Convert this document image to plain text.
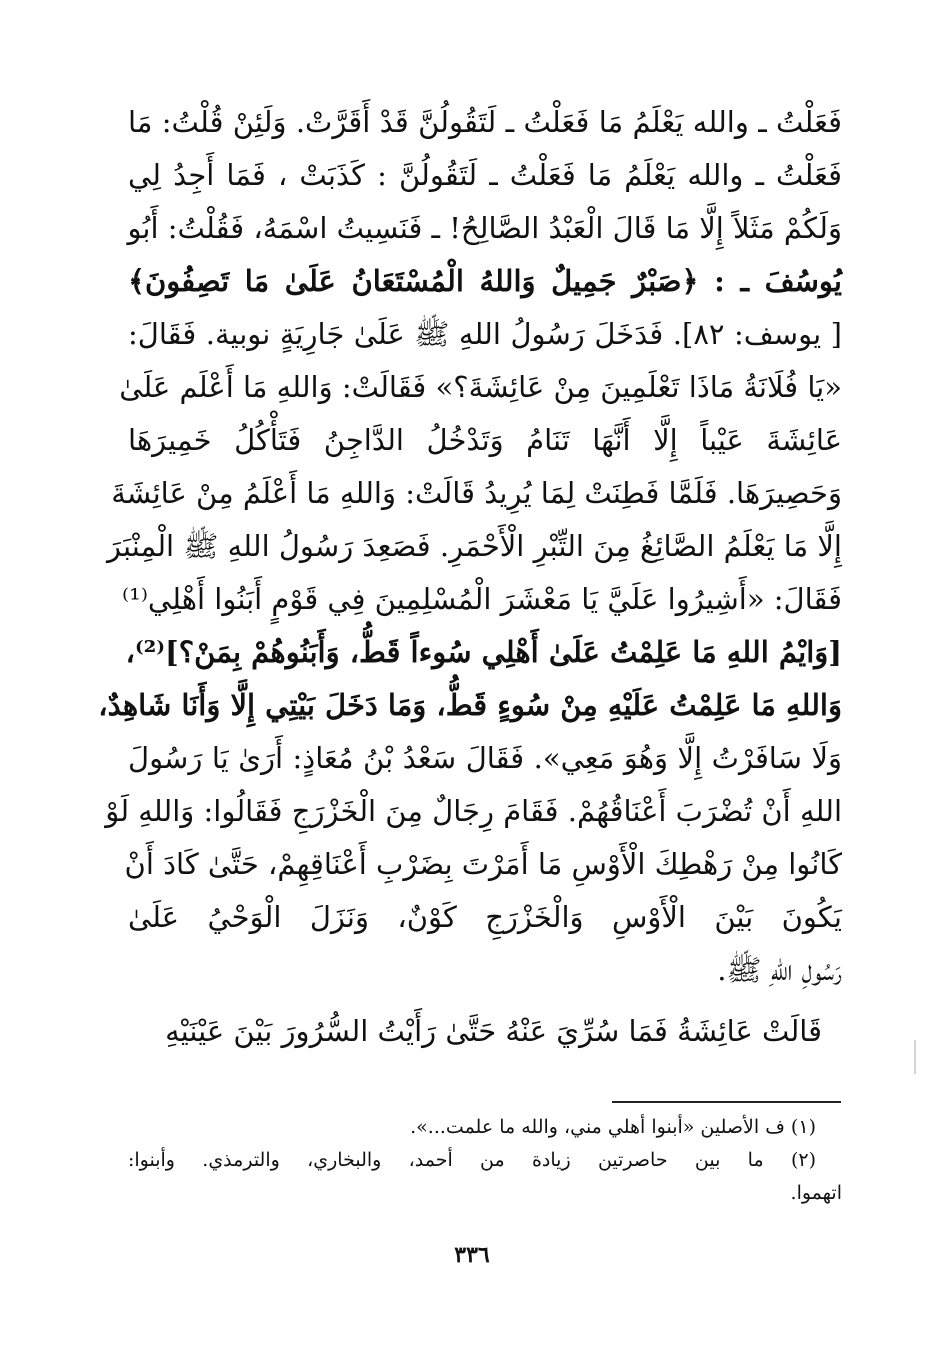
فَعَلْتُ ـ والله يَعْلَمُ مَا فَعَلْتُ ـ لَتَقُولُنَّ قَدْ أَقَرَّتْ. وَلَئِنْ قُلْتُ: مَا
فَعَلْتُ ـ والله يَعْلَمُ مَا فَعَلْتُ ـ لَتَقُولُنَّ : كَذَبَتْ ، فَمَا أَجِدُ لِي
وَلَكُمْ مَثَلاً إِلَّا مَا قَالَ الْعَبْدُ الصَّالِحُ! ـ فَنَسِيتُ اسْمَهُ، فَقُلْتُ: أَبُو
يُوسُفَ ـ : ﴿صَبْرٌ جَمِيلٌ وَاللهُ الْمُسْتَعَانُ عَلَىٰ مَا تَصِفُونَ﴾
[ يوسف: ٨٢]. فَدَخَلَ رَسُولُ اللهِ ﷺ عَلَىٰ جَارِيَةٍ نوبية. فَقَالَ:
«يَا فُلَانَةُ مَاذَا تَعْلَمِينَ مِنْ عَائِشَةَ؟» فَقَالَتْ: وَاللهِ مَا أَعْلَم عَلَىٰ
عَائِشَةَ عَيْباً إِلَّا أَنَّهَا تَنَامُ وَتَدْخُلُ الدَّاجِنُ فَتَأْكُلُ خَمِيرَهَا
وَحَصِيرَهَا. فَلَمَّا فَطِنَتْ لِمَا يُرِيدُ قَالَتْ: وَاللهِ مَا أَعْلَمُ مِنْ عَائِشَةَ
إِلَّا مَا يَعْلَمُ الصَّائِغُ مِنَ التِّبْرِ الْأَحْمَرِ. فَصَعِدَ رَسُولُ اللهِ ﷺ الْمِنْبَرَ
فَقَالَ: «أَشِيرُوا عَلَيَّ يَا مَعْشَرَ الْمُسْلِمِينَ فِي قَوْمٍ أَبَنُوا أَهْلِي⁽¹⁾
[وَايْمُ اللهِ مَا عَلِمْتُ عَلَىٰ أَهْلِي سُوءاً قَطُّ، وَأَبَنُوهُمْ بِمَنْ؟]⁽²⁾،
وَاللهِ مَا عَلِمْتُ عَلَيْهِ مِنْ سُوءٍ قَطُّ، وَمَا دَخَلَ بَيْتِي إِلَّا وَأَنَا شَاهِدٌ،
وَلَا سَافَرْتُ إِلَّا وَهُوَ مَعِي». فَقَالَ سَعْدُ بْنُ مُعَاذٍ: أَرَىٰ يَا رَسُولَ
اللهِ أَنْ تُضْرَبَ أَعْنَاقُهُمْ. فَقَامَ رِجَالٌ مِنَ الْخَزْرَجِ فَقَالُوا: وَاللهِ لَوْ
كَانُوا مِنْ رَهْطِكَ الْأَوْسِ مَا أَمَرْتَ بِضَرْبِ أَعْنَاقِهِمْ، حَتَّىٰ كَادَ أَنْ
يَكُونَ بَيْنَ الْأَوْسِ وَالْخَزْرَجِ كَوْنٌ، وَنَزَلَ الْوَحْيُ عَلَىٰ
رَسُولِ اللهِ ﷺ.
قَالَتْ عَائِشَةُ فَمَا سُرِّيَ عَنْهُ حَتَّىٰ رَأَيْتُ السُّرُورَ بَيْنَ عَيْنَيْهِ
(١) ف الأصلين «أبنوا أهلي مني، والله ما علمت...».
(٢) ما بين حاصرتين زيادة من أحمد، والبخاري، والترمذي. وأبنوا:
اتهموا.
٣٣٦
